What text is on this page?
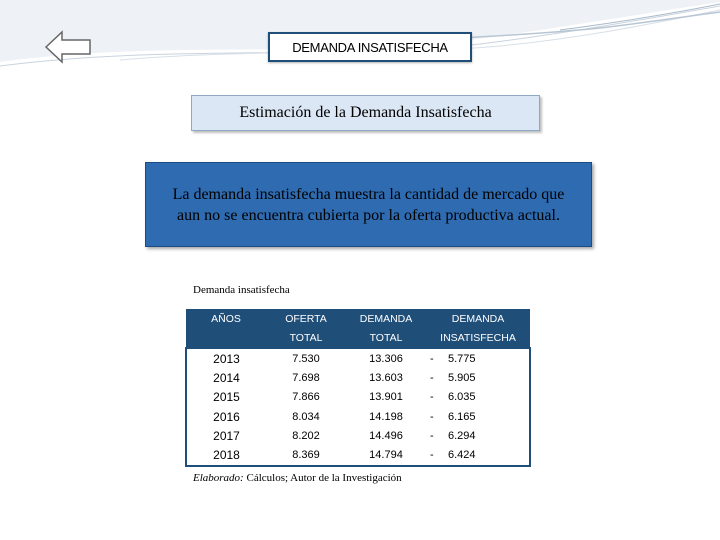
DEMANDA INSATISFECHA
Estimación de la Demanda Insatisfecha
La demanda insatisfecha muestra la cantidad de mercado que aun no se encuentra cubierta por la oferta productiva actual.
Demanda insatisfecha
AÑOS	OFERTA	DEMANDA	DEMANDA
	TOTAL	TOTAL	INSATISFECHA
2013	7.530	13.306	- 5.775
2014	7.698	13.603	- 5.905
2015	7.866	13.901	- 6.035
2016	8.034	14.198	- 6.165
2017	8.202	14.496	- 6.294
2018	8.369	14.794	- 6.424
Elaborado: Cálculos; Autor de la Investigación
